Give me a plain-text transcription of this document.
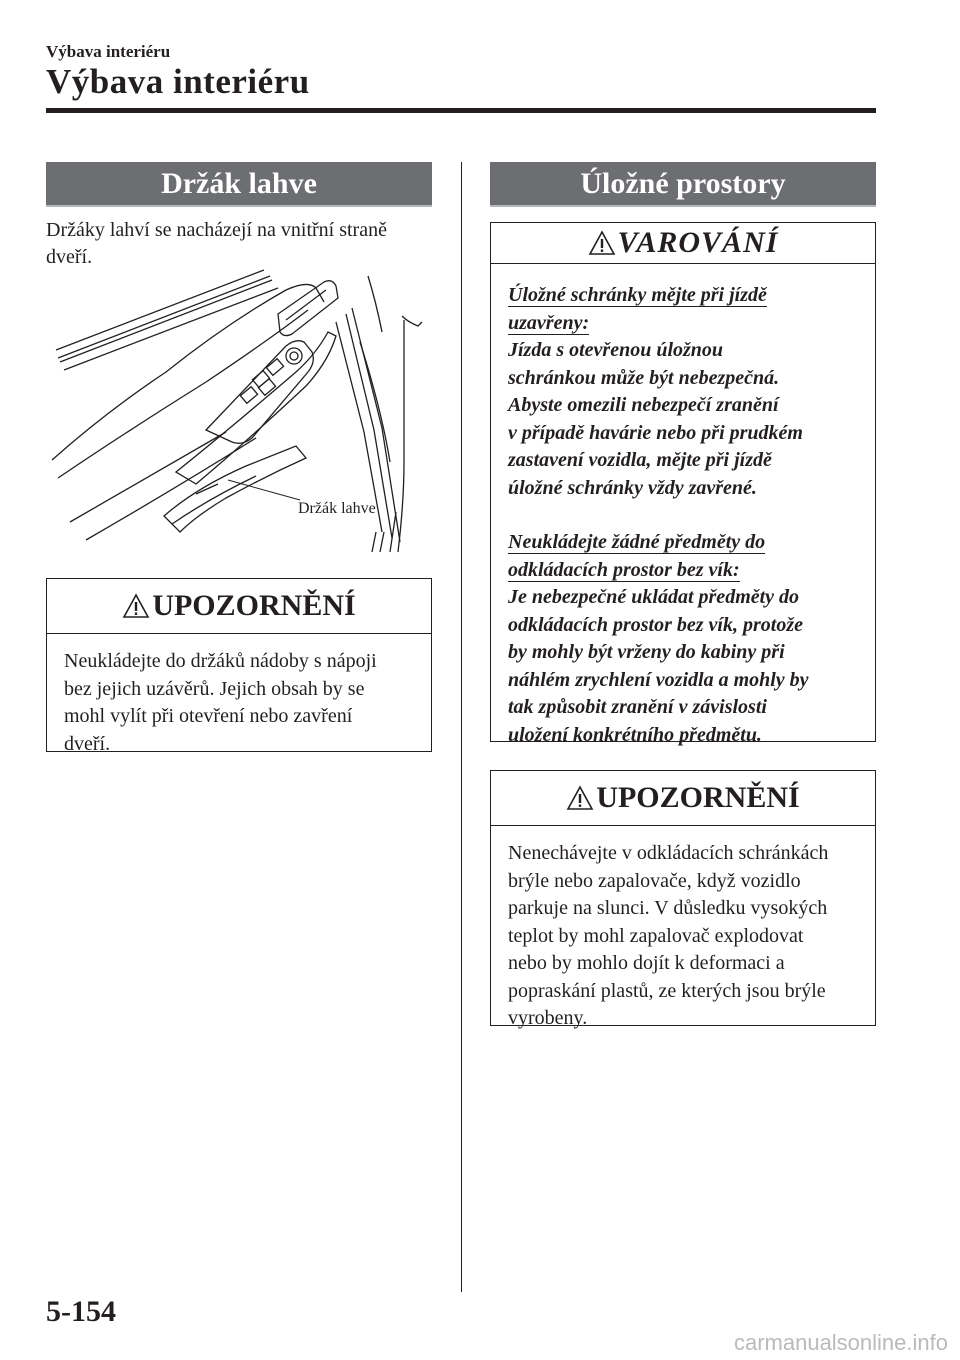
Výbava interiéru
Výbava interiéru
Držák lahve
Držáky lahví se nacházejí na vnitřní straně
dveří.
Držák lahve
UPOZORNĚNÍ
Neukládejte do držáků nádoby s nápoji
bez jejich uzávěrů. Jejich obsah by se
mohl vylít při otevření nebo zavření
dveří.
Úložné prostory
VAROVÁNÍ
Úložné schránky mějte při jízdě
uzavřeny:
Jízda s otevřenou úložnou
schránkou může být nebezpečná.
Abyste omezili nebezpečí zranění
v případě havárie nebo při prudkém
zastavení vozidla, mějte při jízdě
úložné schránky vždy zavřené.
Neukládejte žádné předměty do
odkládacích prostor bez vík:
Je nebezpečné ukládat předměty do
odkládacích prostor bez vík, protože
by mohly být vrženy do kabiny při
náhlém zrychlení vozidla a mohly by
tak způsobit zranění v závislosti
uložení konkrétního předmětu.
UPOZORNĚNÍ
Nenechávejte v odkládacích schránkách
brýle nebo zapalovače, když vozidlo
parkuje na slunci. V důsledku vysokých
teplot by mohl zapalovač explodovat
nebo by mohlo dojít k deformaci a
popraskání plastů, ze kterých jsou brýle
vyrobeny.
5-154
carmanualsonline.info
